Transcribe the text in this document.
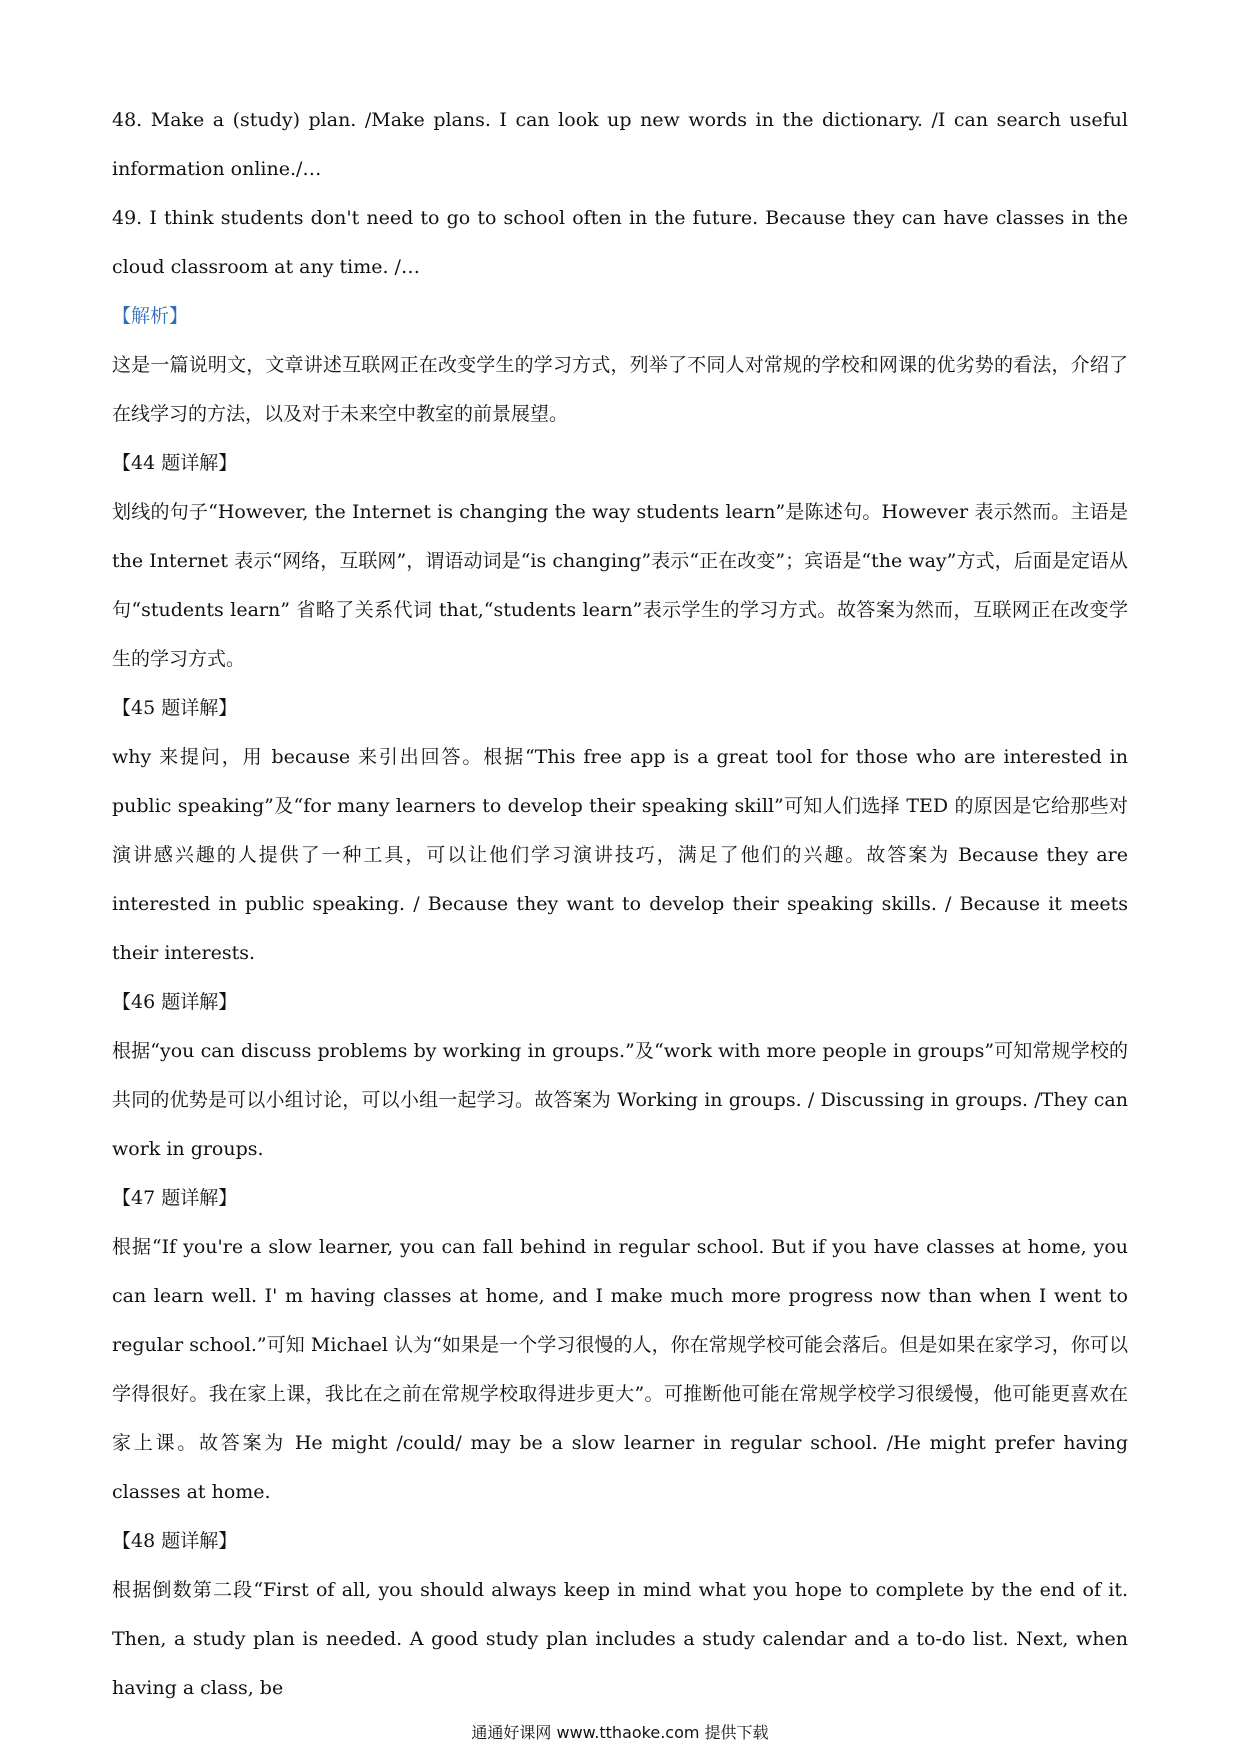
48. Make a (study) plan. /Make plans. I can look up new words in the dictionary. /I can search useful information online./…

49. I think students don't need to go to school often in the future. Because they can have classes in the cloud classroom at any time. /…

【解析】

这是一篇说明文，文章讲述互联网正在改变学生的学习方式，列举了不同人对常规的学校和网课的优劣势的看法，介绍了在线学习的方法，以及对于未来空中教室的前景展望。

【44 题详解】

划线的句子“However, the Internet is changing the way students learn”是陈述句。However 表示然而。主语是 the Internet 表示“网络，互联网”，谓语动词是“is changing”表示“正在改变”；宾语是“the way”方式，后面是定语从句“students learn” 省略了关系代词 that,“students learn”表示学生的学习方式。故答案为然而，互联网正在改变学生的学习方式。

【45 题详解】

why 来提问，用 because 来引出回答。根据“This free app is a great tool for those who are interested in public speaking”及“for many learners to develop their speaking skill”可知人们选择 TED 的原因是它给那些对演讲感兴趣的人提供了一种工具，可以让他们学习演讲技巧，满足了他们的兴趣。故答案为 Because they are interested in public speaking. / Because they want to develop their speaking skills. / Because it meets their interests.

【46 题详解】

根据“you can discuss problems by working in groups.”及“work with more people in groups”可知常规学校的共同的优势是可以小组讨论，可以小组一起学习。故答案为 Working in groups. / Discussing in groups. /They can work in groups.

【47 题详解】

根据“If you're a slow learner, you can fall behind in regular school. But if you have classes at home, you can learn well. I' m having classes at home, and I make much more progress now than when I went to regular school.”可知 Michael 认为“如果是一个学习很慢的人，你在常规学校可能会落后。但是如果在家学习，你可以学得很好。我在家上课，我比在之前在常规学校取得进步更大”。可推断他可能在常规学校学习很缓慢，他可能更喜欢在家上课。故答案为 He might /could/ may be a slow learner in regular school. /He might prefer having classes at home.

【48 题详解】

根据倒数第二段“First of all, you should always keep in mind what you hope to complete by the end of it. Then, a study plan is needed. A good study plan includes a study calendar and a to-do list. Next, when having a class, be

通通好课网 www.tthaoke.com 提供下载
